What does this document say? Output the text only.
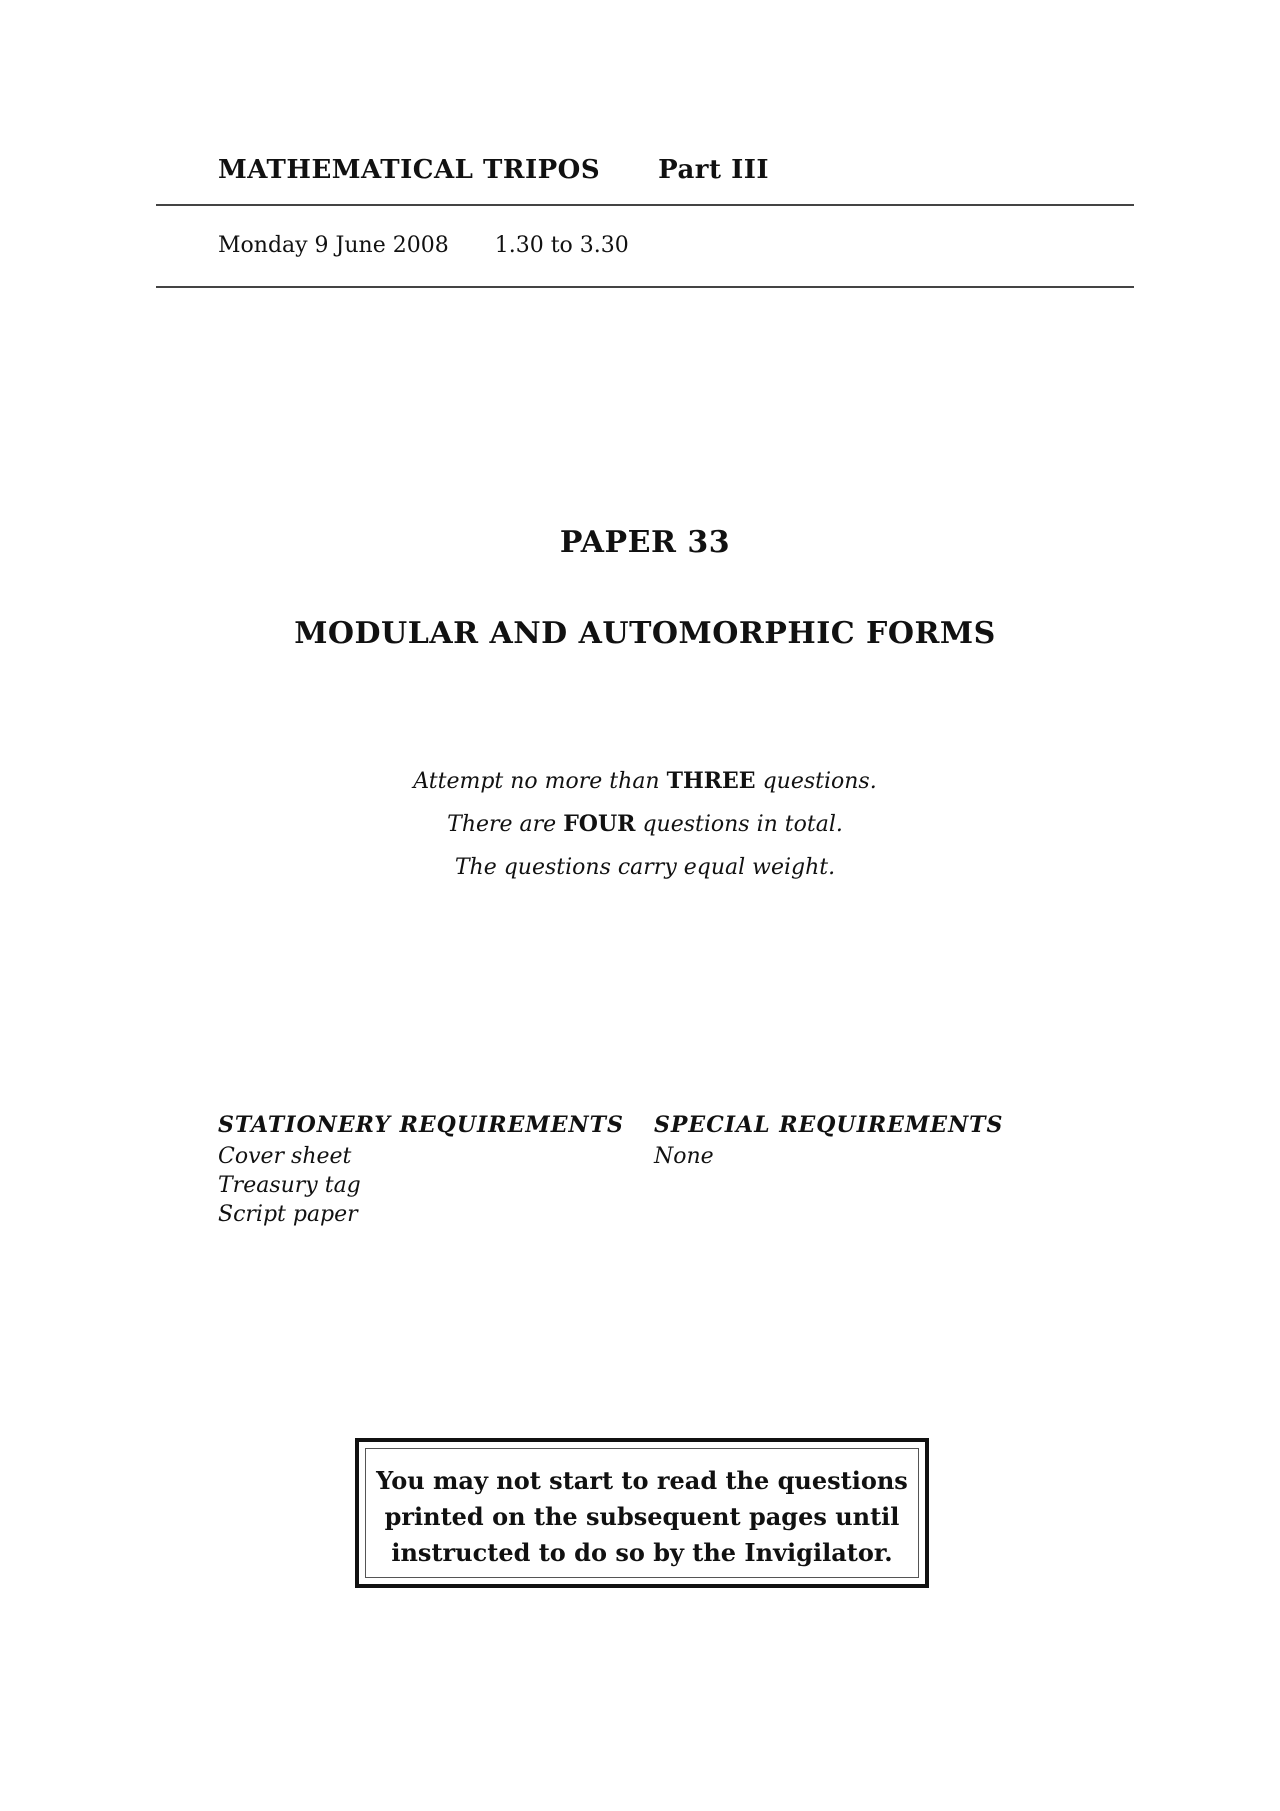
MATHEMATICAL TRIPOS Part III
Monday 9 June 2008 1.30 to 3.30
PAPER 33
MODULAR AND AUTOMORPHIC FORMS
Attempt no more than THREE questions.
There are FOUR questions in total.
The questions carry equal weight.
STATIONERY REQUIREMENTS
Cover sheet
Treasury tag
Script paper
SPECIAL REQUIREMENTS
None
You may not start to read the questions
printed on the subsequent pages until
instructed to do so by the Invigilator.
